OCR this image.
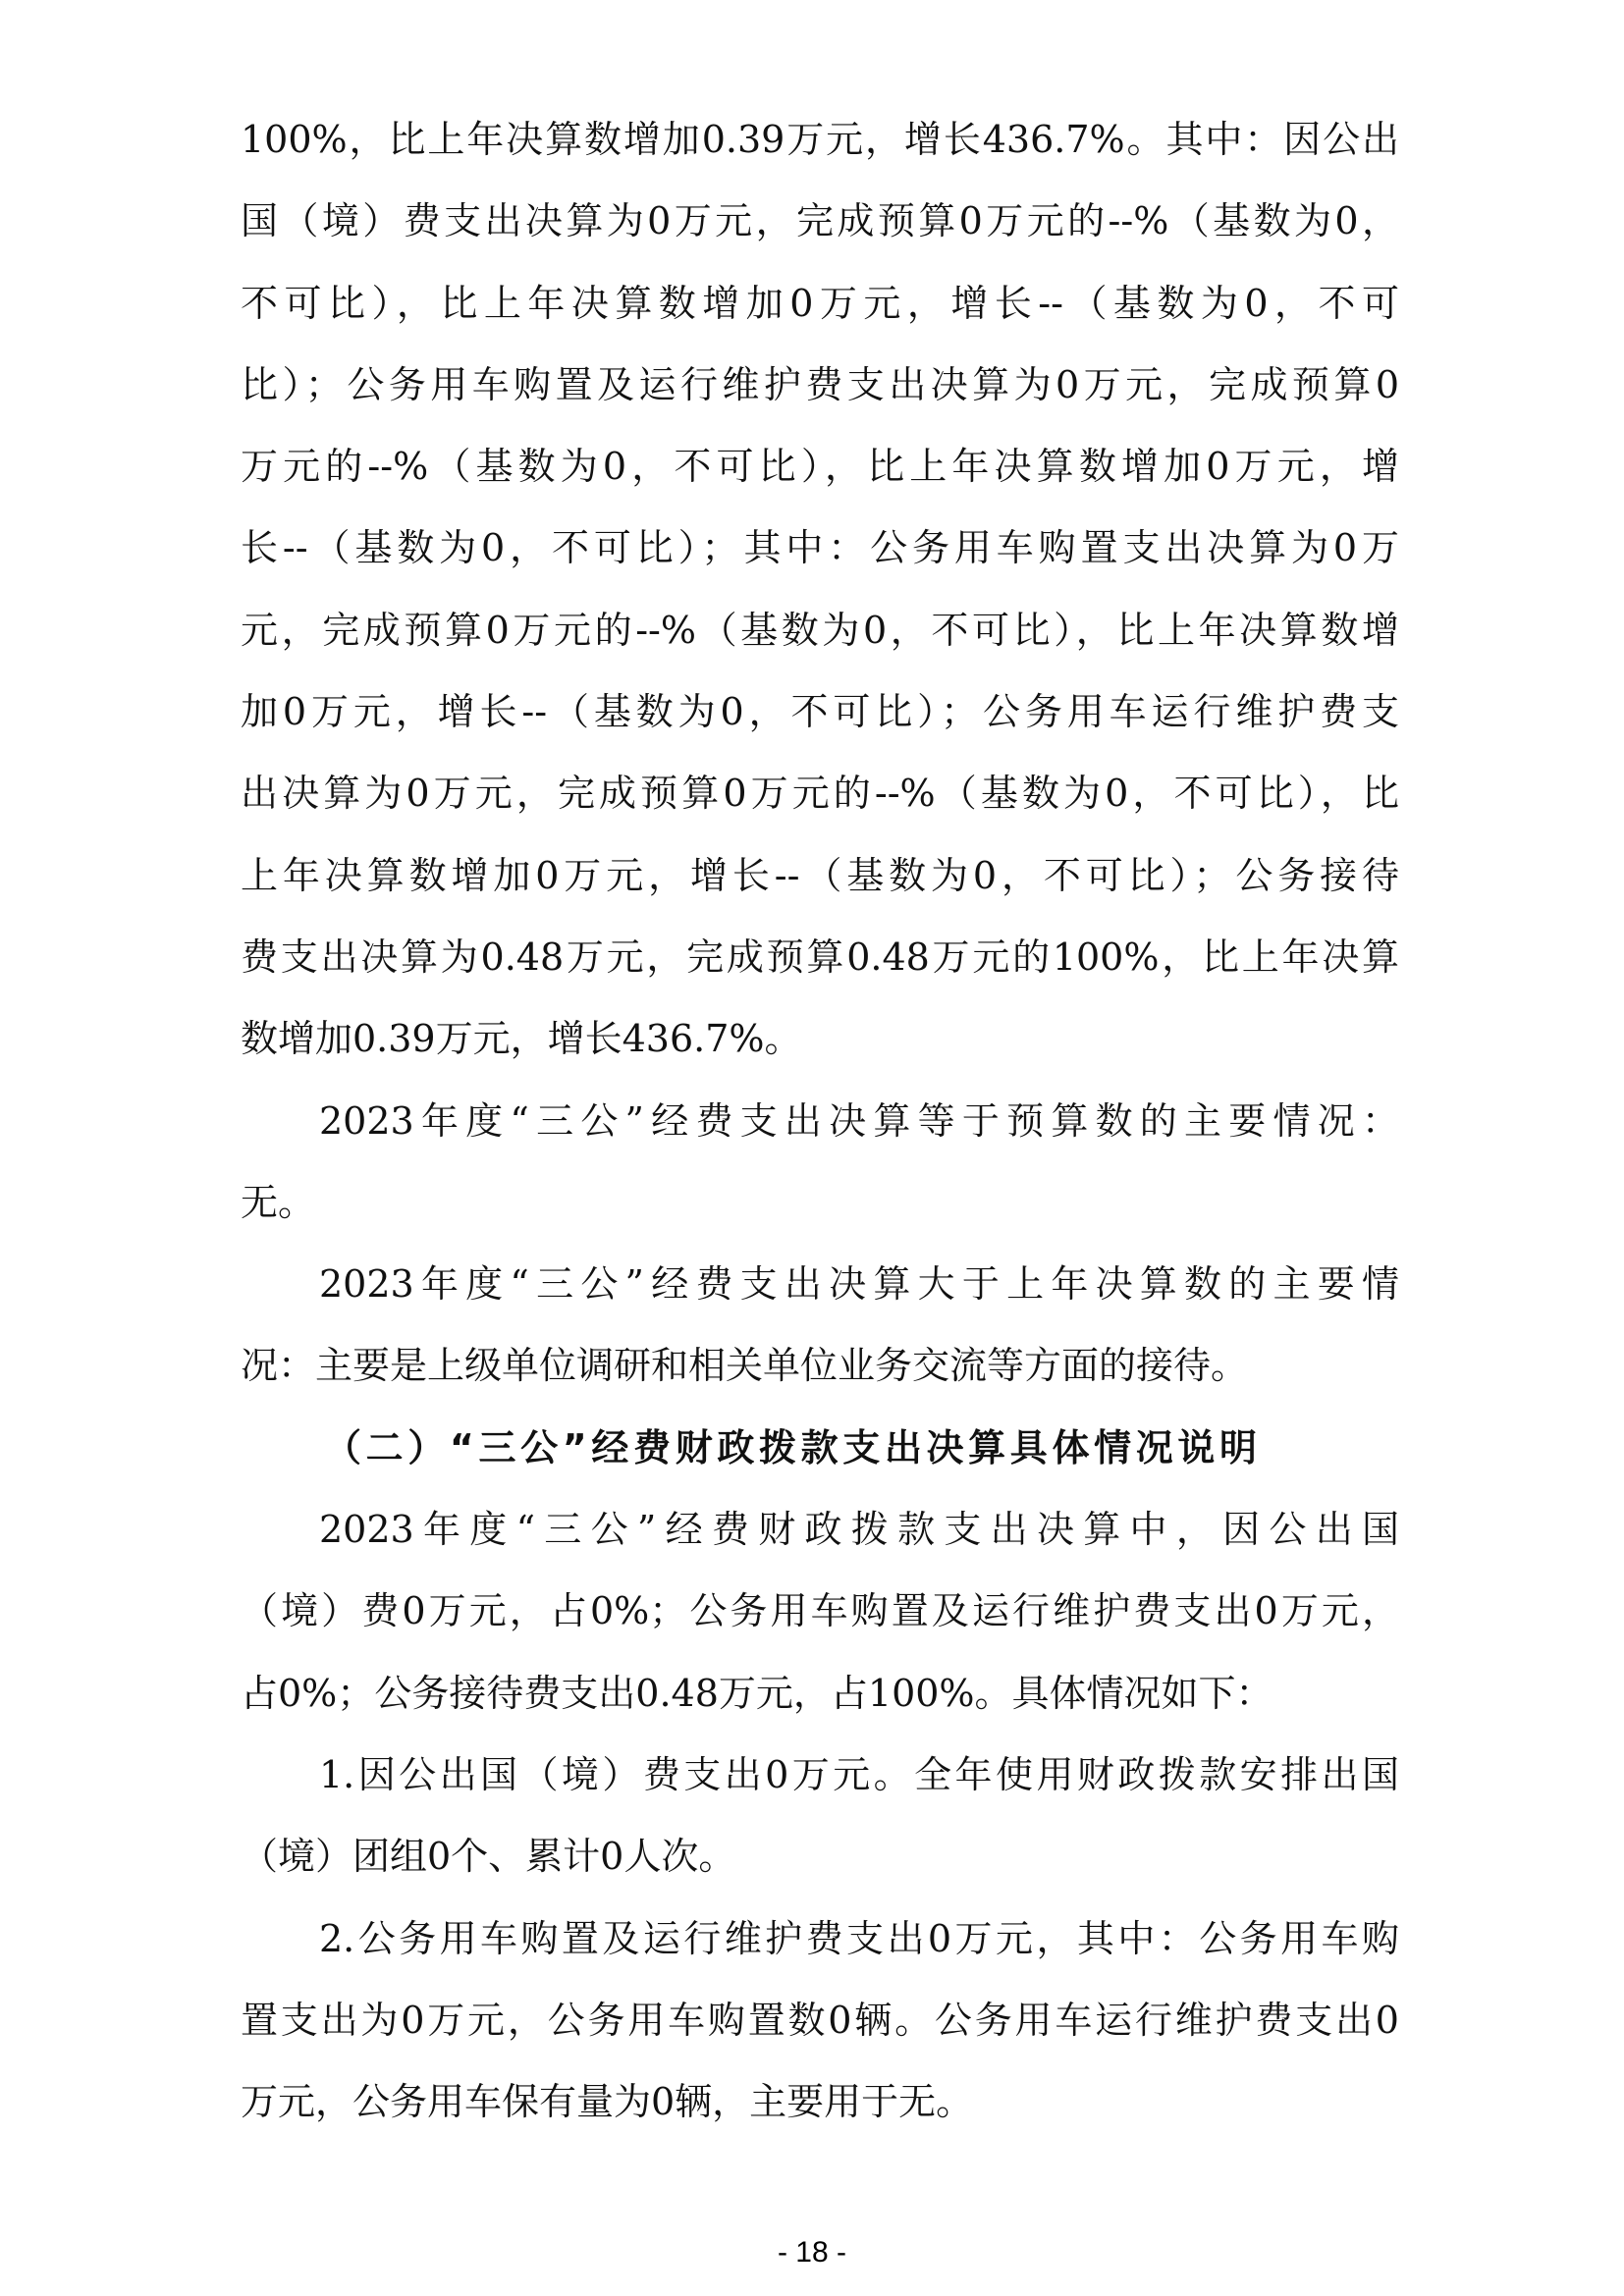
100%，比上年决算数增加0.39万元，增长436.7%。其中：因公出
国（境）费支出决算为0万元，完成预算0万元的--%（基数为0，
不可比），比上年决算数增加0万元，增长--（基数为0，不可
比）；公务用车购置及运行维护费支出决算为0万元，完成预算0
万元的--%（基数为0，不可比），比上年决算数增加0万元，增
长--（基数为0，不可比）；其中：公务用车购置支出决算为0万
元，完成预算0万元的--%（基数为0，不可比），比上年决算数增
加0万元，增长--（基数为0，不可比）；公务用车运行维护费支
出决算为0万元，完成预算0万元的--%（基数为0，不可比），比
上年决算数增加0万元，增长--（基数为0，不可比）；公务接待
费支出决算为0.48万元，完成预算0.48万元的100%，比上年决算
数增加0.39万元，增长436.7%。
2023年度“三公”经费支出决算等于预算数的主要情况：
无。
2023年度“三公”经费支出决算大于上年决算数的主要情
况：主要是上级单位调研和相关单位业务交流等方面的接待。
（二）“三公”经费财政拨款支出决算具体情况说明
2023年度“三公”经费财政拨款支出决算中，因公出国
（境）费0万元，占0%；公务用车购置及运行维护费支出0万元，
占0%；公务接待费支出0.48万元，占100%。具体情况如下：
1.因公出国（境）费支出0万元。全年使用财政拨款安排出国
（境）团组0个、累计0人次。
2.公务用车购置及运行维护费支出0万元，其中：公务用车购
置支出为0万元，公务用车购置数0辆。公务用车运行维护费支出0
万元，公务用车保有量为0辆，主要用于无。
- 18 -
